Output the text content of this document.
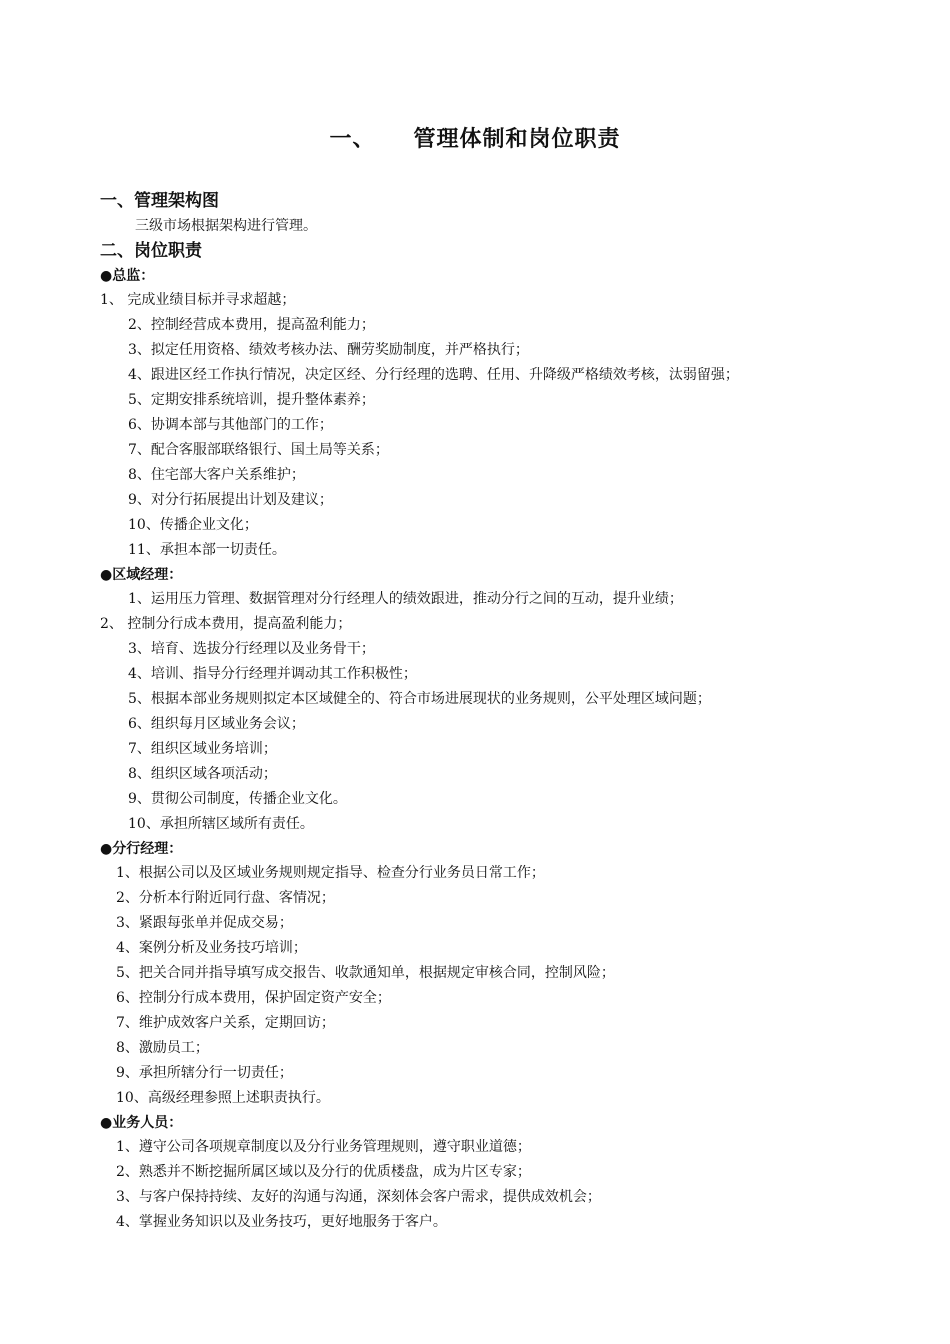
一、 管理体制和岗位职责
一、管理架构图
三级市场根据架构进行管理。
二、岗位职责
●总监：
1、 完成业绩目标并寻求超越；
2、控制经营成本费用，提高盈利能力；
3、拟定任用资格、绩效考核办法、酬劳奖励制度，并严格执行；
4、跟进区经工作执行情况，决定区经、分行经理的选聘、任用、升降级严格绩效考核，汰弱留强；
5、定期安排系统培训，提升整体素养；
6、协调本部与其他部门的工作；
7、配合客服部联络银行、国土局等关系；
8、住宅部大客户关系维护；
9、对分行拓展提出计划及建议；
10、传播企业文化；
11、承担本部一切责任。
●区域经理：
1、运用压力管理、数据管理对分行经理人的绩效跟进，推动分行之间的互动，提升业绩；
2、 控制分行成本费用，提高盈利能力；
3、培育、选拔分行经理以及业务骨干；
4、培训、指导分行经理并调动其工作积极性；
5、根据本部业务规则拟定本区域健全的、符合市场进展现状的业务规则，公平处理区域问题；
6、组织每月区域业务会议；
7、组织区域业务培训；
8、组织区域各项活动；
9、贯彻公司制度，传播企业文化。
10、承担所辖区域所有责任。
●分行经理：
1、根据公司以及区域业务规则规定指导、检查分行业务员日常工作；
2、分析本行附近同行盘、客情况；
3、紧跟每张单并促成交易；
4、案例分析及业务技巧培训；
5、把关合同并指导填写成交报告、收款通知单，根据规定审核合同，控制风险；
6、控制分行成本费用，保护固定资产安全；
7、维护成效客户关系，定期回访；
8、激励员工；
9、承担所辖分行一切责任；
10、高级经理参照上述职责执行。
●业务人员：
1、遵守公司各项规章制度以及分行业务管理规则，遵守职业道德；
2、熟悉并不断挖掘所属区域以及分行的优质楼盘，成为片区专家；
3、与客户保持持续、友好的沟通与沟通，深刻体会客户需求，提供成效机会；
4、掌握业务知识以及业务技巧，更好地服务于客户。
